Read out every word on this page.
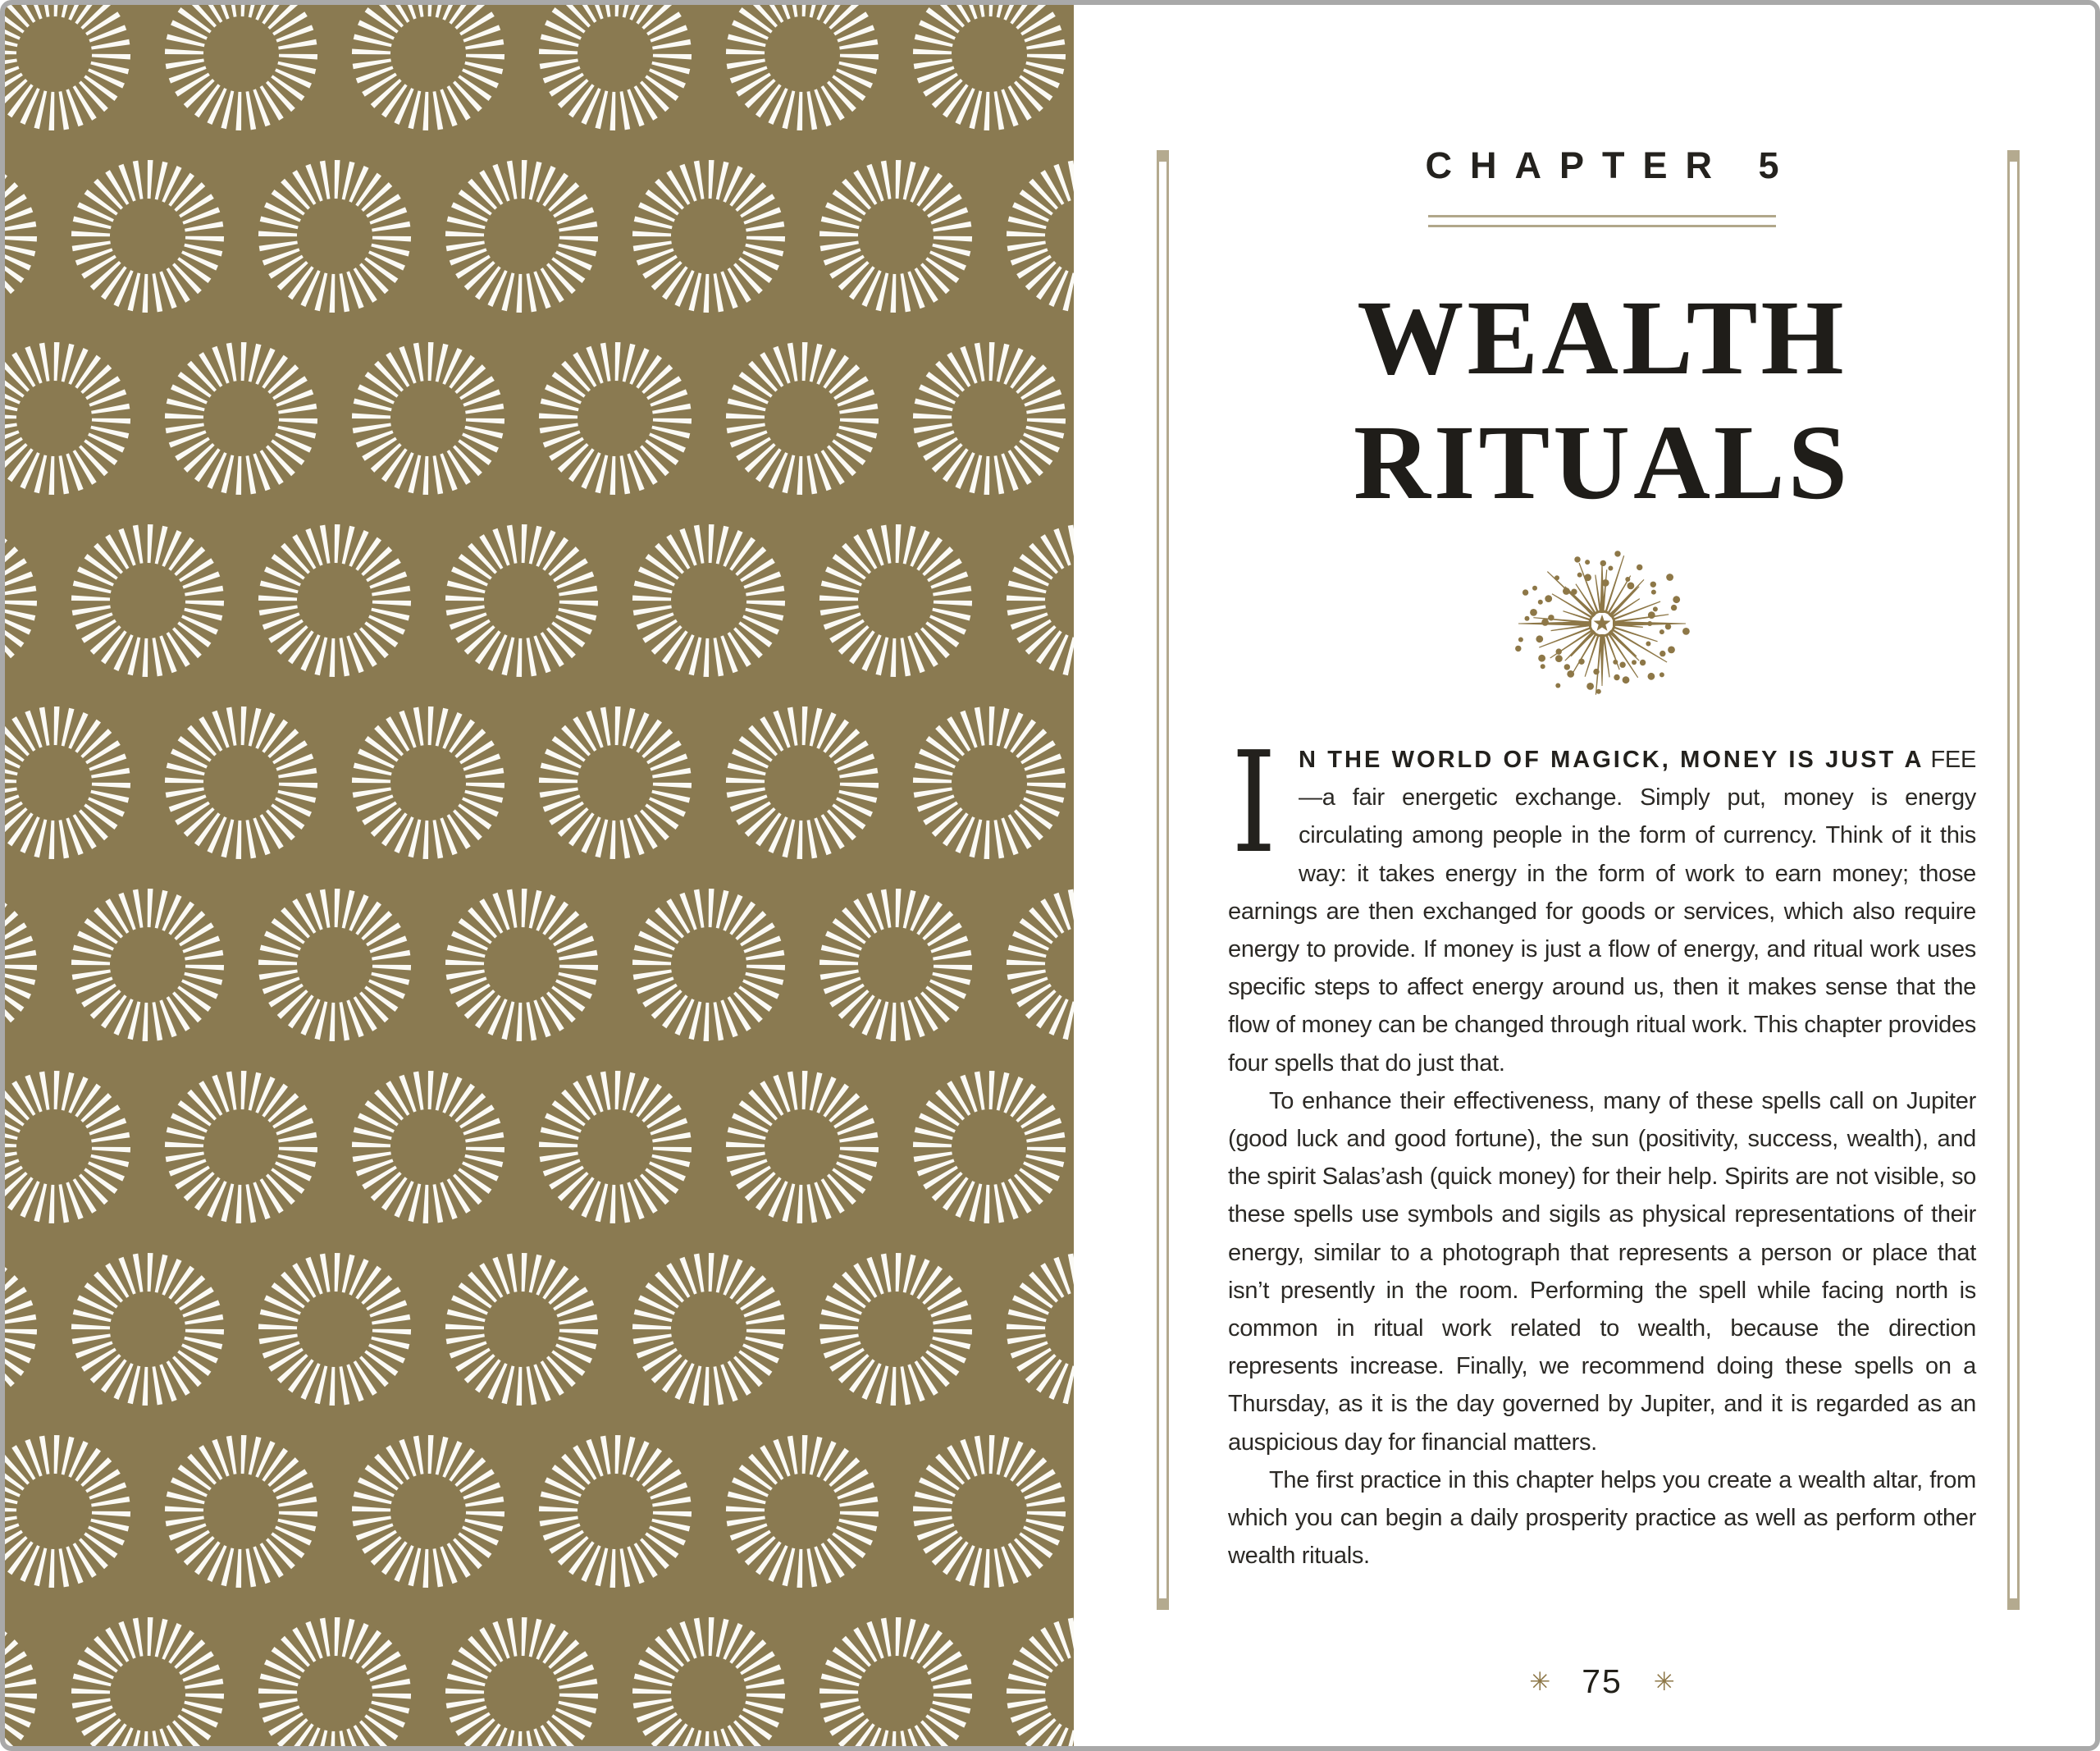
CHAPTER 5
WEALTH
RITUALS

I N THE WORLD OF MAGICK, MONEY IS JUST A FEE—a fair energetic exchange. Simply put, money is energy circulating among people in the form of currency. Think of it this way: it takes energy in the form of work to earn money; those earnings are then exchanged for goods or services, which also require energy to provide. If money is just a flow of energy, and ritual work uses specific steps to affect energy around us, then it makes sense that the flow of money can be changed through ritual work. This chapter provides four spells that do just that.

To enhance their effectiveness, many of these spells call on Jupiter (good luck and good fortune), the sun (positivity, success, wealth), and the spirit Salas’ash (quick money) for their help. Spirits are not visible, so these spells use symbols and sigils as physical representations of their energy, similar to a photograph that represents a person or place that isn’t presently in the room. Performing the spell while facing north is common in ritual work related to wealth, because the direction represents increase. Finally, we recommend doing these spells on a Thursday, as it is the day governed by Jupiter, and it is regarded as an auspicious day for financial matters.

The first practice in this chapter helps you create a wealth altar, from which you can begin a daily prosperity practice as well as perform other wealth rituals.

✳ 75 ✳
